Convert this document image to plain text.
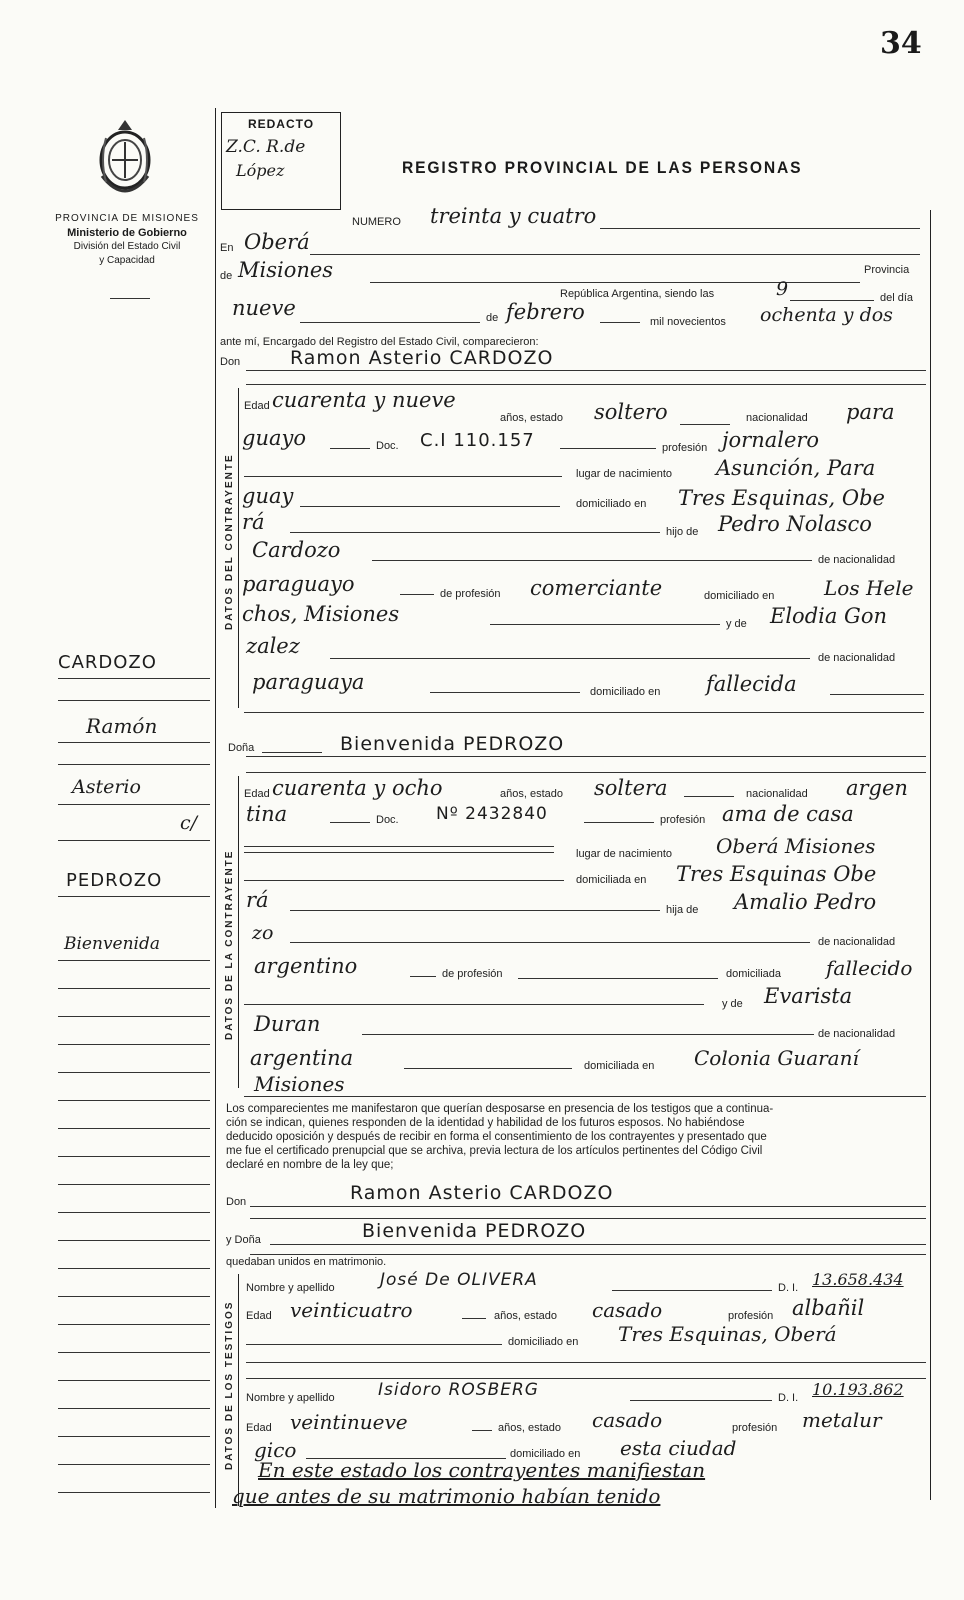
34
PROVINCIA DE MISIONES
Ministerio de Gobierno
División del Estado Civil
y Capacidad
REDACTO
Z.C. R.de
López	REGISTRO PROVINCIAL DE LAS PERSONAS
NUMERO treinta y cuatro
En Oberá
de Misiones	Provincia
República Argentina, siendo las	9	del día
nueve	de febrero	mil novecientos ochenta y dos
ante mí, Encargado del Registro del Estado Civil, comparecieron:
Don	Ramon Asterio CARDOZO
DATOS DEL CONTRAYENTE
Edad cuarenta y nueve
años, estado soltero	nacionalidad para
guayo	Doc. C.I 110.157	profesión jornalero
lugar de nacimiento Asunción, Para
guay	domiciliado en Tres Esquinas, Obe
rá	hijo de Pedro Nolasco
Cardozo	de nacionalidad
paraguayo	de profesión comerciante	domiciliado en Los Hele
chos, Misiones	y de Elodia Gon
zalez	de nacionalidad
paraguaya	domiciliado en fallecida
CARDOZO
Ramón
Asterio
c/
PEDROZO
Bienvenida
Doña	Bienvenida PEDROZO
DATOS DE LA CONTRAYENTE
Edad cuarenta y ocho	años, estado soltera	nacionalidad argen
tina	Doc. Nº 2432840	profesión ama de casa
lugar de nacimiento Oberá Misiones
domiciliada en Tres Esquinas Obe
rá	hija de Amalio Pedro
zo	de nacionalidad
argentino	de profesión	domiciliada fallecido
y de Evarista
Duran	de nacionalidad
argentina	domiciliada en Colonia Guaraní
Misiones
Los comparecientes me manifestaron que querían desposarse en presencia de los testigos que a continua-
ción se indican, quienes responden de la identidad y habilidad de los futuros esposos. No habiéndose
deducido oposición y después de recibir en forma el consentimiento de los contrayentes y presentado que
me fue el certificado prenupcial que se archiva, previa lectura de los artículos pertinentes del Código Civil
declaré en nombre de la ley que;
Don	Ramon Asterio CARDOZO
y Doña	Bienvenida PEDROZO
quedaban unidos en matrimonio.
DATOS DE LOS TESTIGOS
Nombre y apellido	José De OLIVERA	D. I. 13.658.434
Edad veinticuatro	años, estado casado	profesión albañil
domiciliado en Tres Esquinas, Oberá
Nombre y apellido	Isidoro ROSBERG	D. I. 10.193.862
Edad veintinueve	años, estado casado	profesión metalur
gico	domiciliado en esta ciudad
En este estado los contrayentes manifiestan
que antes de su matrimonio habían tenido
